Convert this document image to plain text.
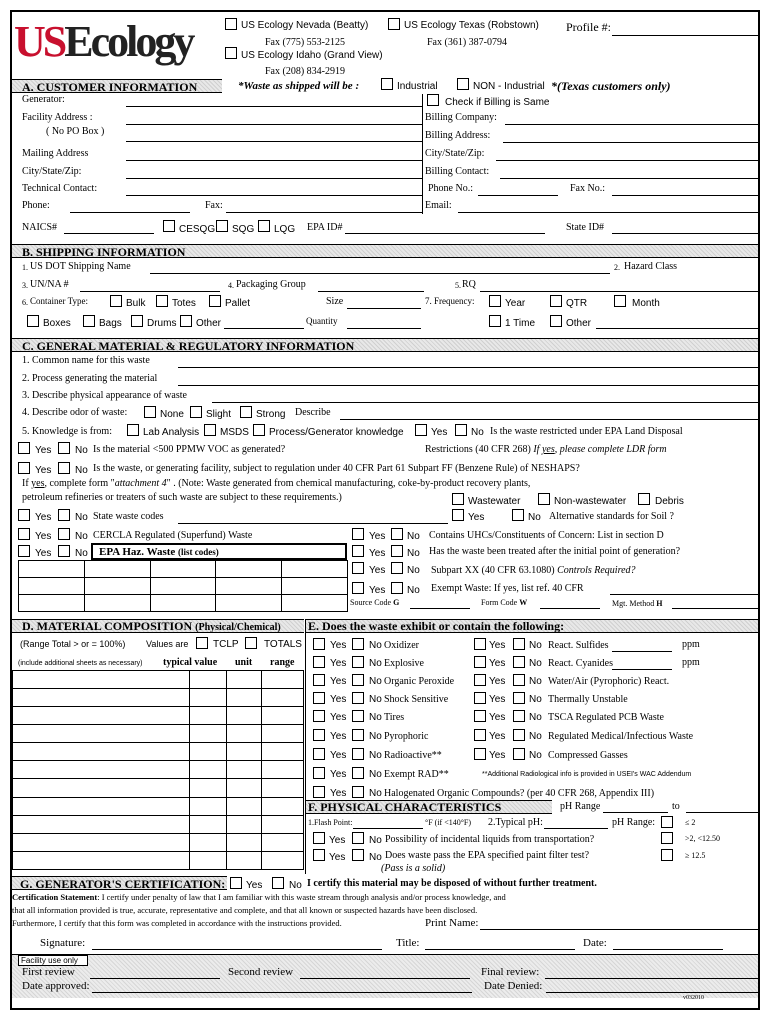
USEcology	US Ecology Nevada (Beatty)
Fax (775) 553-2125
US Ecology Idaho (Grand View)
Fax (208) 834-2919
US Ecology Texas (Robstown)
Fax (361) 387-0794
Profile #:
A. CUSTOMER INFORMATION	*Waste as shipped will be :	Industrial	NON - Industrial *(Texas customers only)
Check if Billing is Same
Generator:
Facility Address :
( No PO Box )
Mailing Address
City/State/Zip:
Technical Contact:
Phone:	Fax:
Billing Company:
Billing Address:
City/State/Zip:
Billing Contact:
Phone No.:	Fax No.:
Email:
NAICS#	CESQG SQG LQG EPA ID#	State ID#
B. SHIPPING INFORMATION
1. US DOT Shipping Name	2. Hazard Class
3. UN/NA #	4. Packaging Group	5. RQ
6. Container Type:	Bulk	Totes	Pallet	Size	7. Frequency:	Year	QTR	Month
Boxes	Bags	Drums Other	Quantity	1 Time	Other
C. GENERAL MATERIAL & REGULATORY INFORMATION
1. Common name for this waste
2. Process generating the material
3. Describe physical appearance of waste
4. Describe odor of waste:	None Slight Strong Describe
5. Knowledge is from:	Lab Analysis MSDS Process/Generator knowledge	Yes No Is the waste restricted under EPA Land Disposal
Restrictions (40 CFR 268) If yes, please complete LDR form
Yes No Is the material <500 PPMW VOC as generated?
Yes No Is the waste, or generating facility, subject to regulation under 40 CFR Part 61 Subpart FF (Benzene Rule) of NESHAPS?
If yes, complete form "attachment 4" . (Note: Waste generated from chemical manufacturing, coke-by-product recovery plants,
petroleum refineries or treaters of such waste are subject to these requirements.)	Wastewater	Non-wastewater	Debris
Yes No State waste codes	Yes	No Alternative standards for Soil ?
Yes No CERCLA Regulated (Superfund) Waste	Yes No Contains UHCs/Constituents of Concern: List in section D
Yes No EPA Haz. Waste (list codes)

					Yes No Has the waste been treated after the initial point of generation?
Yes No Subpart XX (40 CFR 63.1080) Controls Required?
Yes No Exempt Waste: If yes, list ref. 40 CFR
Source Code G	Form Code W	Mgt. Method H
D. MATERIAL COMPOSITION (Physical/Chemical)
(Range Total > or = 100%) Values are TCLP	TOTALS
(include additional sheets as necessary) typical value unit range

E. Does the waste exhibit or contain the following:
ppm
ppm
**Additional Radiological info is provided in USEI's WAC Addendum
F. PHYSICAL CHARACTERISTICS	pH Range	to
1.Flash Point:	°F (if <140°F) 2.Typical pH:	pH Range:	≤ 2
>2, <12.50
≥ 12.5
Yes No Possibility of incidental liquids from transportation?
Yes No Does waste pass the EPA specified paint filter test?
(Pass is a solid)
G. GENERATOR'S CERTIFICATION: Yes	No I certify this material may be disposed of without further treatment.
Certification Statement: I certify under penalty of law that I am familiar with this waste stream through analysis and/or process knowledge, and
that all information provided is true, accurate, representative and complete, and that all known or suspected hazards have been disclosed.
Furthermore, I certify that this form was completed in accordance with the instructions provided.	Print Name:
Signature:	Title:	Date:
Facility use only
First review	Second review	Final review:
Date approved:	Date Denied:
v032010
Yes No Oxidizer
Yes No Explosive
Yes No Organic Peroxide
Yes No Shock Sensitive
Yes No Tires
Yes No Pyrophoric
Yes No Radioactive**
Yes No Exempt RAD**
Yes No Halogenated Organic Compounds? (per 40 CFR 268, Appendix III)
Yes No React. Sulfides
Yes No React. Cyanides
Yes No Water/Air (Pyrophoric) React.
Yes No Thermally Unstable
Yes No TSCA Regulated PCB Waste
Yes No Regulated Medical/Infectious Waste
Yes No Compressed Gasses
